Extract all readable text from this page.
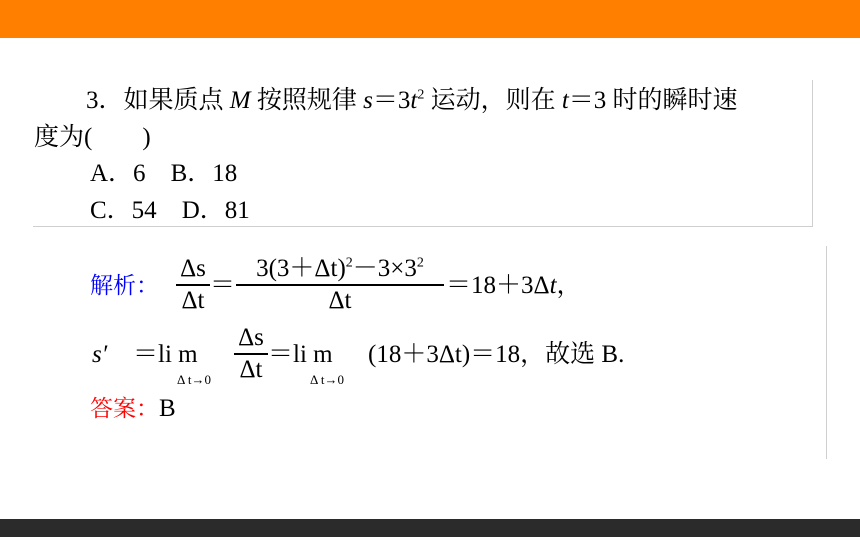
3．如果质点 M 按照规律 $s=3t^2$ 运动，则在 t＝3 时的瞬时速
度为(　　)
A．6　 B．18
C．54　 D．81
解析：
Δs
Δt
＝
$3(3+\Delta t)^2-3\times 3^2$
Δt
＝18＋3Δt，
s′ ＝li m
Δ t→0
Δs
Δt
＝li m
Δ t→0
(18＋3Δt)＝18，故选 B.
答案：B
